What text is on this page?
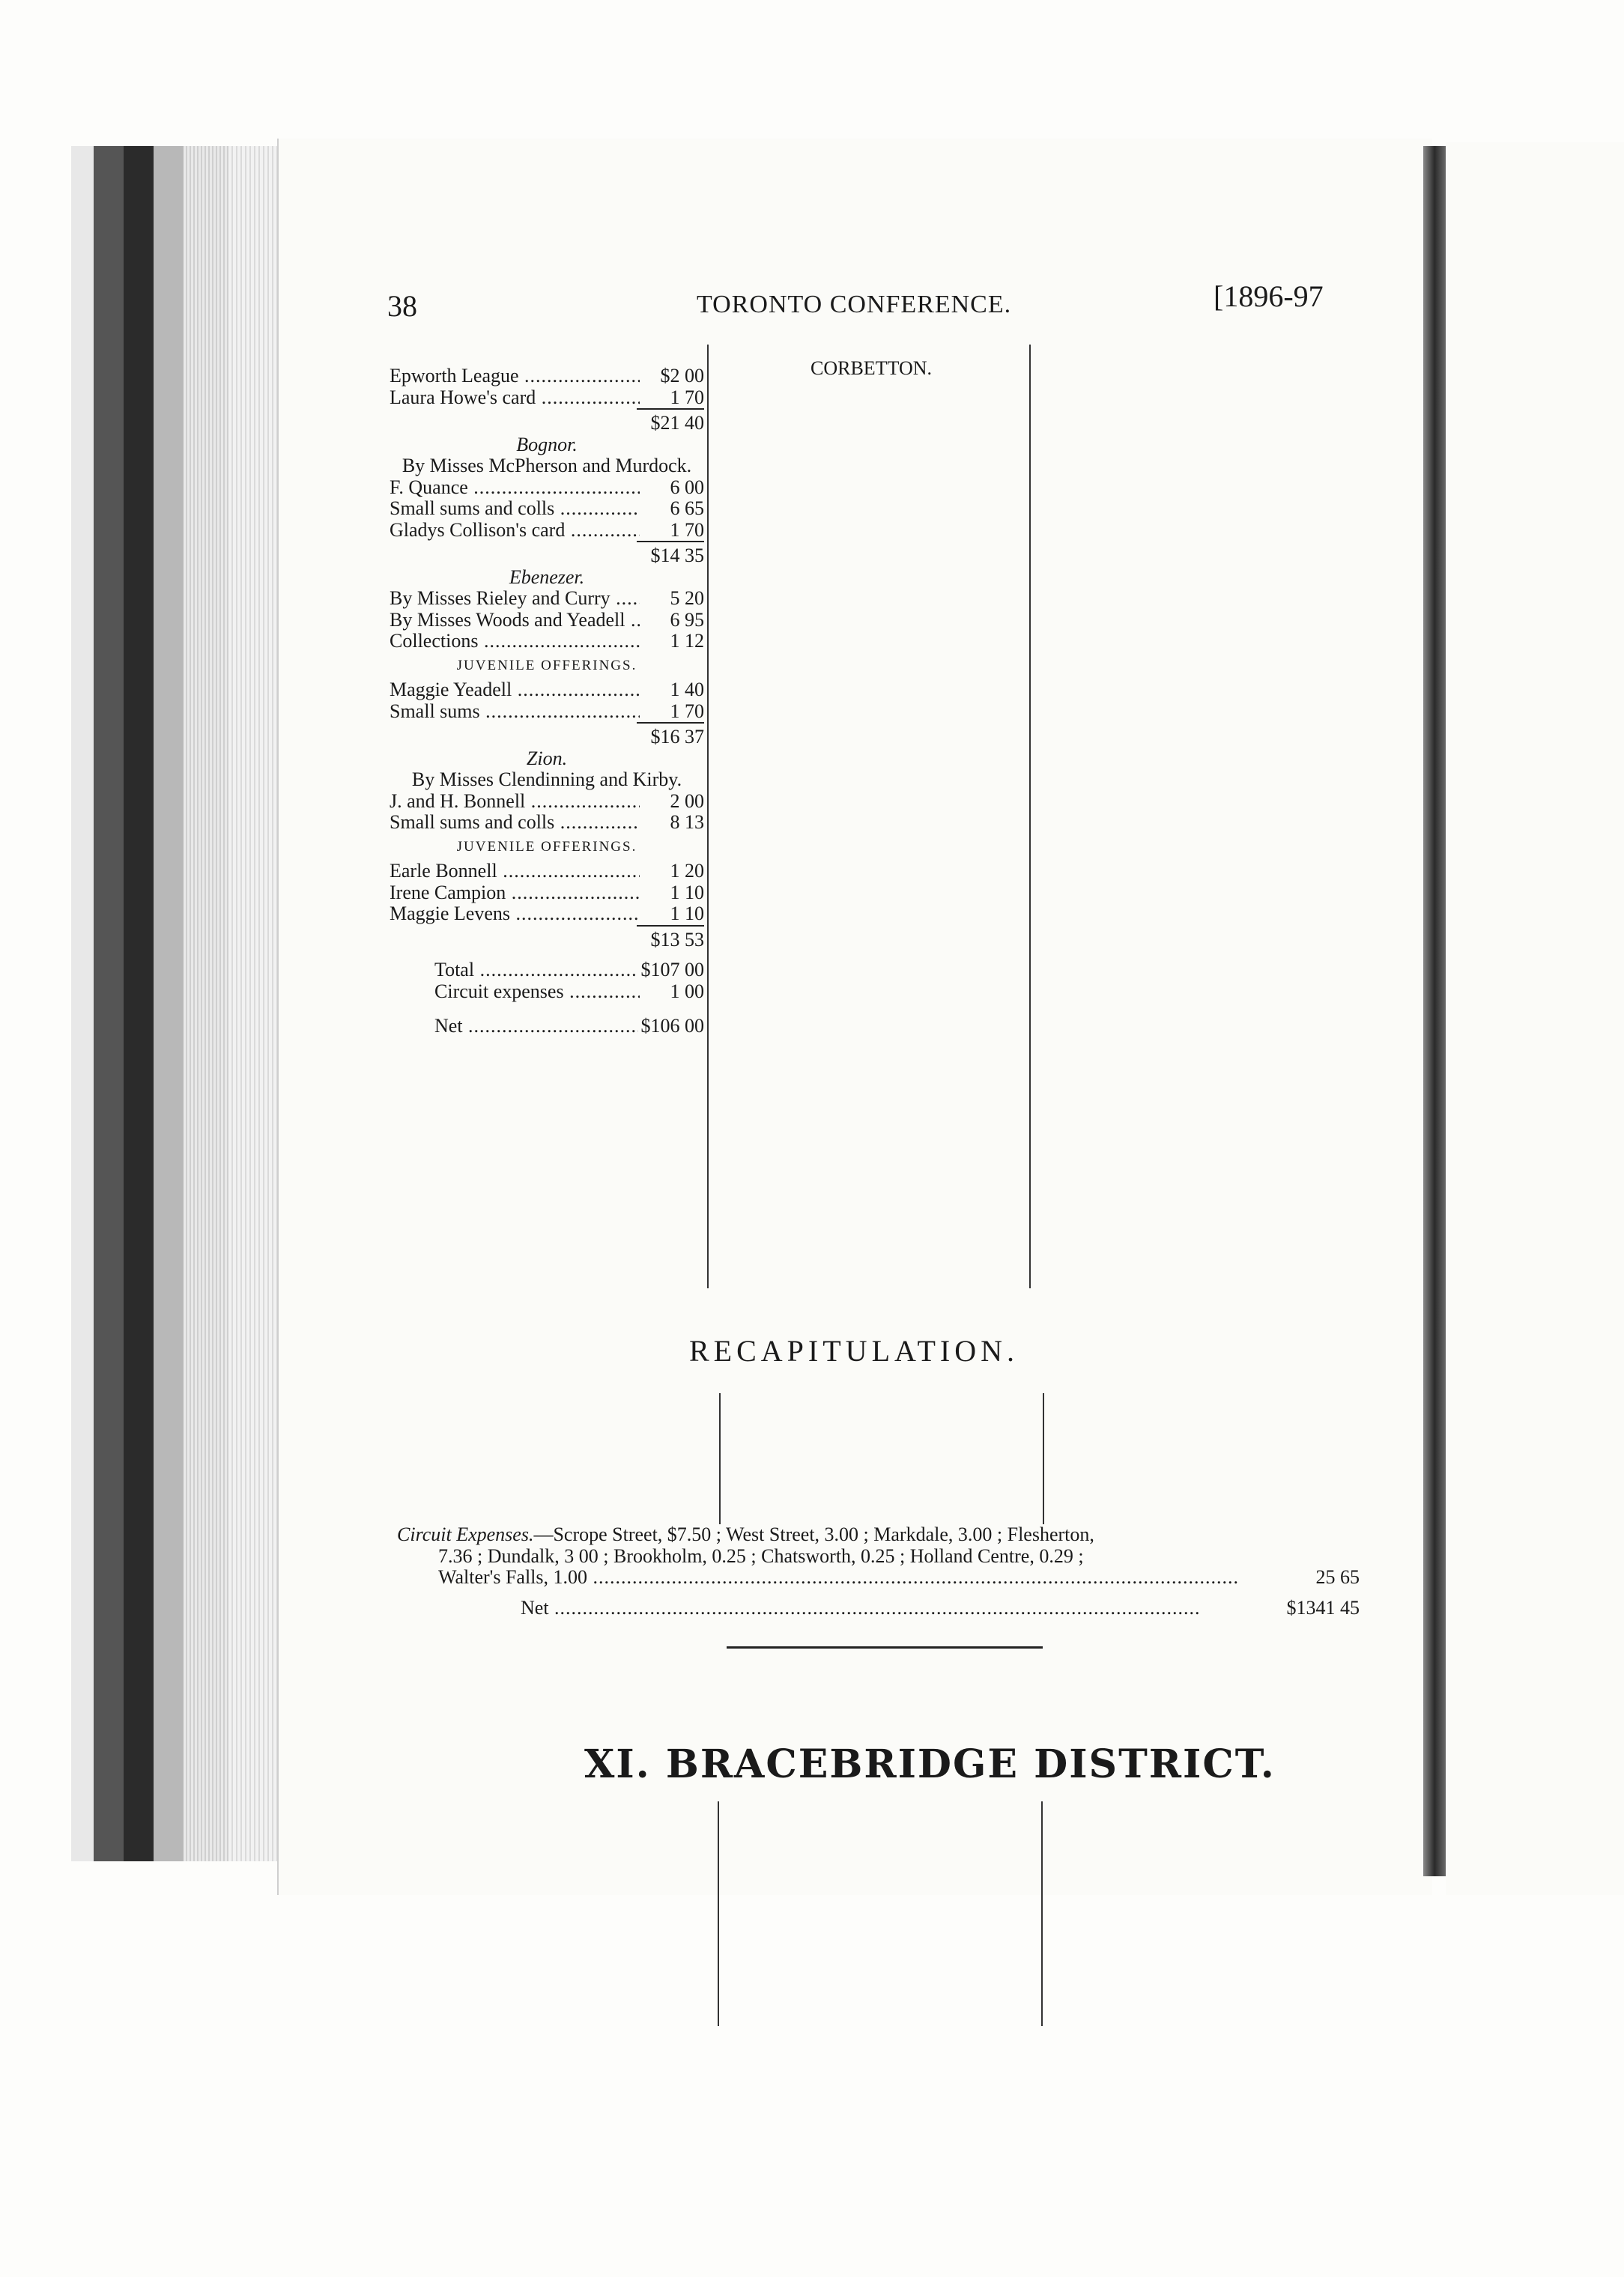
38	TORONTO CONFERENCE.	[1896-97
Epworth League .....	$2 00
Laura Howe's card .....	1 70
$21 40
Bognor.
By Misses McPherson and Murdock.
F. Quance .....	6 00
Small sums and colls .....	6 65
Gladys Collison's card .....	1 70
$14 35
Ebenezer.
By Misses Rieley and Curry .....	5 20
By Misses Woods and Yeadell .....	6 95
Collections .....	1 12
JUVENILE OFFERINGS.
Maggie Yeadell .....	1 40
Small sums .....	1 70
$16 37
Zion.
By Misses Clendinning and Kirby.
J. and H. Bonnell .....	2 00
Small sums and colls .....	8 13
JUVENILE OFFERINGS.
Earle Bonnell .....	1 20
Irene Campion .....	1 10
Maggie Levens .....	1 10
$13 53
Total .....	$107 00
Circuit expenses .....	1 00
Net .....	$106 00
CORBETTON.
RECAPITULATION.
Circuit Expenses.—Scrope Street, $7.50 ; West Street, 3.00 ; Markdale, 3.00 ; Flesherton,
7.36 ; Dundalk, 3 00 ; Brookholm, 0.25 ; Chatsworth, 0.25 ; Holland Centre, 0.29 ;
Walter's Falls, 1.00 .....	25 65
Net .....	$1341 45
XI. BRACEBRIDGE DISTRICT.
